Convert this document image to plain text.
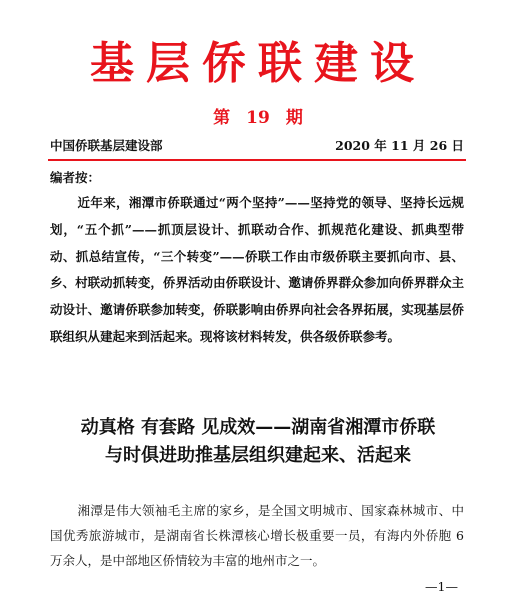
基层侨联建设
第 19 期
中国侨联基层建设部	2020 年 11 月 26 日
编者按：

近年来，湘潭市侨联通过“两个坚持”——坚持党的领导、坚持长远规划，“五个抓”——抓顶层设计、抓联动合作、抓规范化建设、抓典型带动、抓总结宣传，“三个转变”——侨联工作由市级侨联主要抓向市、县、乡、村联动抓转变，侨界活动由侨联设计、邀请侨界群众参加向侨界群众主动设计、邀请侨联参加转变，侨联影响由侨界向社会各界拓展，实现基层侨联组织从建起来到活起来。现将该材料转发，供各级侨联参考。

动真格 有套路 见成效——湖南省湘潭市侨联
与时俱进助推基层组织建起来、活起来

湘潭是伟大领袖毛主席的家乡，是全国文明城市、国家森林城市、中国优秀旅游城市，是湖南省长株潭核心增长极重要一员，有海内外侨胞 6 万余人，是中部地区侨情较为丰富的地州市之一。

—1—
